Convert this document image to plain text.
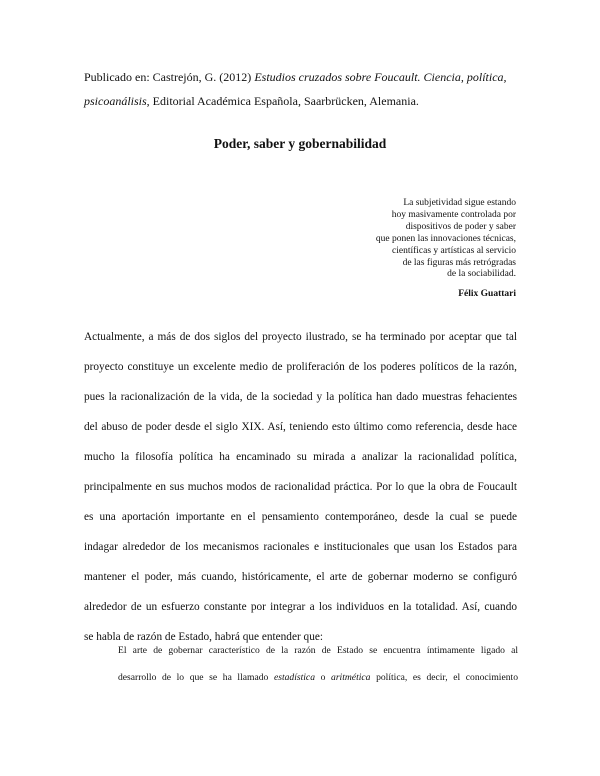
Publicado en: Castrejón, G. (2012) Estudios cruzados sobre Foucault. Ciencia, política,
psicoanálisis, Editorial Académica Española, Saarbrücken, Alemania.
Poder, saber y gobernabilidad
La subjetividad sigue estando
hoy masivamente controlada por
dispositivos de poder y saber
que ponen las innovaciones técnicas,
científicas y artísticas al servicio
de las figuras más retrógradas
de la sociabilidad.
Félix Guattari
Actualmente, a más de dos siglos del proyecto ilustrado, se ha terminado por aceptar que tal
proyecto constituye un excelente medio de proliferación de los poderes políticos de la razón,
pues la racionalización de la vida, de la sociedad y la política han dado muestras fehacientes
del abuso de poder desde el siglo XIX. Así, teniendo esto último como referencia, desde hace
mucho la filosofía política ha encaminado su mirada a analizar la racionalidad política,
principalmente en sus muchos modos de racionalidad práctica. Por lo que la obra de Foucault
es una aportación importante en el pensamiento contemporáneo, desde la cual se puede
indagar alrededor de los mecanismos racionales e institucionales que usan los Estados para
mantener el poder, más cuando, históricamente, el arte de gobernar moderno se configuró
alrededor de un esfuerzo constante por integrar a los individuos en la totalidad. Así, cuando
se habla de razón de Estado, habrá que entender que:
El arte de gobernar característico de la razón de Estado se encuentra íntimamente ligado al
desarrollo de lo que se ha llamado estadística o aritmética política, es decir, el conocimiento
